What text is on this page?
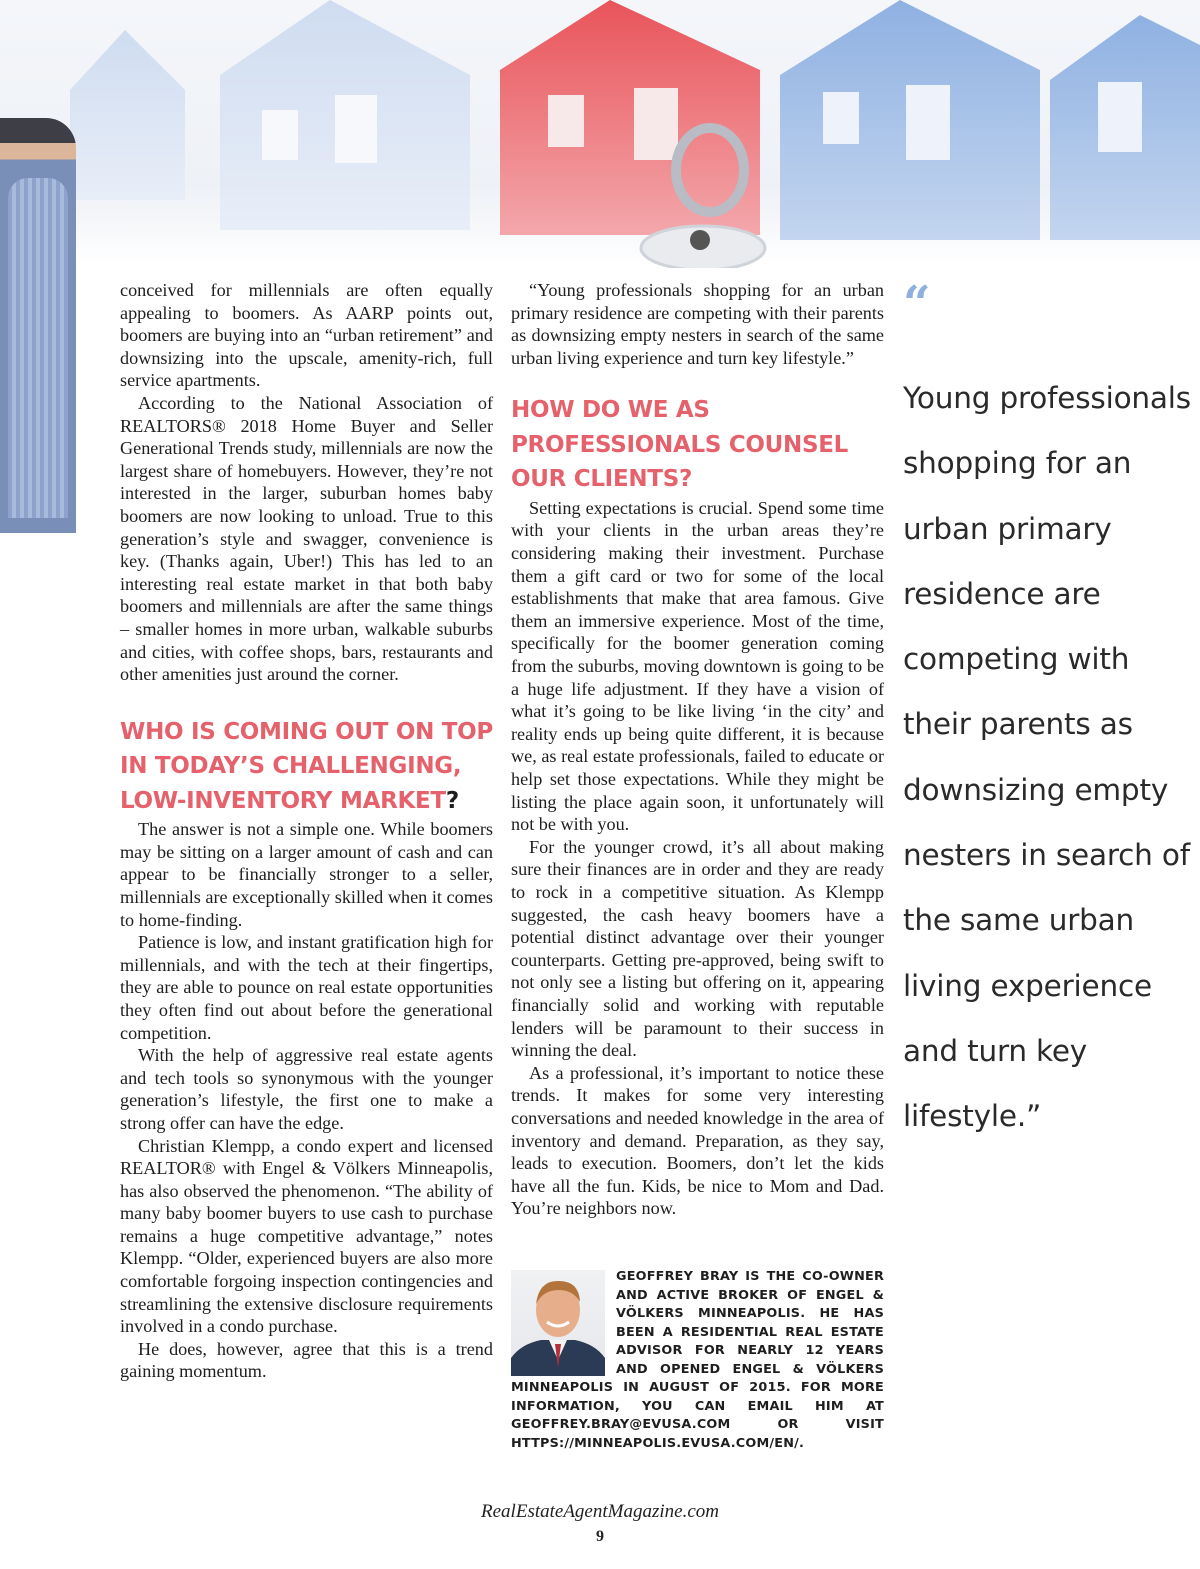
conceived for millennials are often equally appealing to boomers. As AARP points out, boomers are buying into an “urban retirement” and downsizing into the upscale, amenity-rich, full service apartments.

According to the National Association of REALTORS® 2018 Home Buyer and Seller Generational Trends study, millennials are now the largest share of homebuyers. However, they’re not interested in the larger, suburban homes baby boomers are now looking to unload. True to this generation’s style and swagger, convenience is key. (Thanks again, Uber!) This has led to an interesting real estate market in that both baby boomers and millennials are after the same things – smaller homes in more urban, walkable suburbs and cities, with coffee shops, bars, restaurants and other amenities just around the corner.

WHO IS COMING OUT ON TOP IN TODAY’S CHALLENGING, LOW-INVENTORY MARKET?

The answer is not a simple one. While boomers may be sitting on a larger amount of cash and can appear to be financially stronger to a seller, millennials are exceptionally skilled when it comes to home-finding.

Patience is low, and instant gratification high for millennials, and with the tech at their fingertips, they are able to pounce on real estate opportunities they often find out about before the generational competition.

With the help of aggressive real estate agents and tech tools so synonymous with the younger generation’s lifestyle, the first one to make a strong offer can have the edge.

Christian Klempp, a condo expert and licensed REALTOR® with Engel & Völkers Minneapolis, has also observed the phenomenon. “The ability of many baby boomer buyers to use cash to purchase remains a huge competitive advantage,” notes Klempp. “Older, experienced buyers are also more comfortable forgoing inspection contingencies and streamlining the extensive disclosure requirements involved in a condo purchase.

He does, however, agree that this is a trend gaining momentum.

“Young professionals shopping for an urban primary residence are competing with their parents as downsizing empty nesters in search of the same urban living experience and turn key lifestyle.”

HOW DO WE AS PROFESSIONALS COUNSEL OUR CLIENTS?

Setting expectations is crucial. Spend some time with your clients in the urban areas they’re considering making their investment. Purchase them a gift card or two for some of the local establishments that make that area famous. Give them an immersive experience. Most of the time, specifically for the boomer generation coming from the suburbs, moving downtown is going to be a huge life adjustment. If they have a vision of what it’s going to be like living ‘in the city’ and reality ends up being quite different, it is because we, as real estate professionals, failed to educate or help set those expectations. While they might be listing the place again soon, it unfortunately will not be with you.

For the younger crowd, it’s all about making sure their finances are in order and they are ready to rock in a competitive situation. As Klempp suggested, the cash heavy boomers have a potential distinct advantage over their younger counterparts. Getting pre-approved, being swift to not only see a listing but offering on it, appearing financially solid and working with reputable lenders will be paramount to their success in winning the deal.

As a professional, it’s important to notice these trends. It makes for some very interesting conversations and needed knowledge in the area of inventory and demand. Preparation, as they say, leads to execution. Boomers, don’t let the kids have all the fun. Kids, be nice to Mom and Dad. You’re neighbors now.

GEOFFREY BRAY IS THE CO-OWNER AND ACTIVE BROKER OF ENGEL & VÖLKERS MINNEAPOLIS. HE HAS BEEN A RESIDENTIAL REAL ESTATE ADVISOR FOR NEARLY 12 YEARS AND OPENED ENGEL & VÖLKERS MINNEAPOLIS IN AUGUST OF 2015. FOR MORE INFORMATION, YOU CAN EMAIL HIM AT GEOFFREY.BRAY@EVUSA.COM OR VISIT HTTPS://MINNEAPOLIS.EVUSA.COM/EN/.
“
Young professionals shopping for an urban primary residence are competing with their parents as downsizing empty nesters in search of the same urban living experience and turn key lifestyle.”
RealEstateAgentMagazine.com
9
